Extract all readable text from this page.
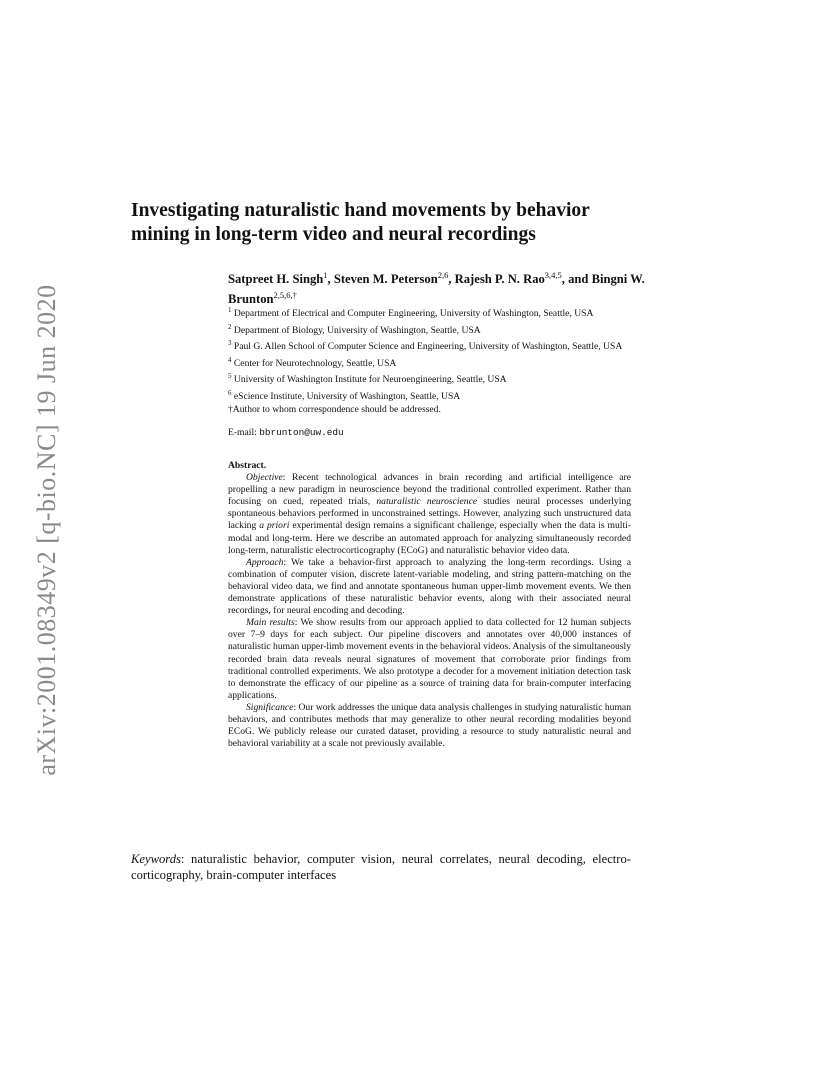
arXiv:2001.08349v2 [q-bio.NC] 19 Jun 2020
Investigating naturalistic hand movements by behavior mining in long-term video and neural recordings
Satpreet H. Singh$^1$, Steven M. Peterson$^{2,6}$, Rajesh P. N. Rao$^{3,4,5}$, and Bingni W. Brunton$^{2,5,6,\dagger}$

$^1$ Department of Electrical and Computer Engineering, University of Washington, Seattle, USA

$^2$ Department of Biology, University of Washington, Seattle, USA

$^3$ Paul G. Allen School of Computer Science and Engineering, University of Washington, Seattle, USA

$^4$ Center for Neurotechnology, Seattle, USA

$^5$ University of Washington Institute for Neuroengineering, Seattle, USA

$^6$ eScience Institute, University of Washington, Seattle, USA

†Author to whom correspondence should be addressed.

E-mail: bbrunton@uw.edu

Abstract.

Objective: Recent technological advances in brain recording and artificial intelligence are propelling a new paradigm in neuroscience beyond the traditional controlled experiment. Rather than focusing on cued, repeated trials, naturalistic neuroscience studies neural processes underlying spontaneous behaviors performed in unconstrained settings. However, analyzing such unstructured data lacking a priori experimental design remains a significant challenge, especially when the data is multi-modal and long-term. Here we describe an automated approach for analyzing simultaneously recorded long-term, naturalistic electrocorticography (ECoG) and naturalistic behavior video data.

Approach: We take a behavior-first approach to analyzing the long-term recordings. Using a combination of computer vision, discrete latent-variable modeling, and string pattern-matching on the behavioral video data, we find and annotate spontaneous human upper-limb movement events. We then demonstrate applications of these naturalistic behavior events, along with their associated neural recordings, for neural encoding and decoding.

Main results: We show results from our approach applied to data collected for 12 human subjects over 7–9 days for each subject. Our pipeline discovers and annotates over 40,000 instances of naturalistic human upper-limb movement events in the behavioral videos. Analysis of the simultaneously recorded brain data reveals neural signatures of movement that corroborate prior findings from traditional controlled experiments. We also prototype a decoder for a movement initiation detection task to demonstrate the efficacy of our pipeline as a source of training data for brain-computer interfacing applications.

Significance: Our work addresses the unique data analysis challenges in studying naturalistic human behaviors, and contributes methods that may generalize to other neural recording modalities beyond ECoG. We publicly release our curated dataset, providing a resource to study naturalistic neural and behavioral variability at a scale not previously available.

Keywords: naturalistic behavior, computer vision, neural correlates, neural decoding, electro-corticography, brain-computer interfaces
